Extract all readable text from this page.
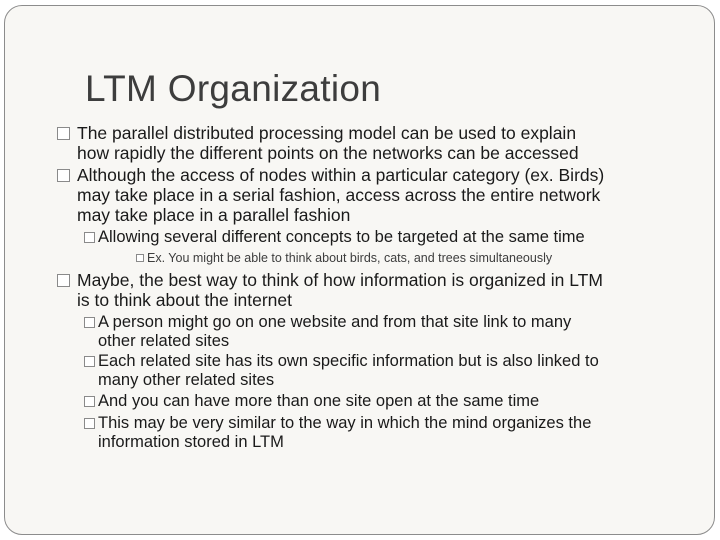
LTM Organization
The parallel distributed processing model can be used to explain
how rapidly the different points on the networks can be accessed
Although the access of nodes within a particular category (ex. Birds)
may take place in a serial fashion, access across the entire network
may take place in a parallel fashion
Allowing several different concepts to be targeted at the same time
Ex. You might be able to think about birds, cats, and trees simultaneously
Maybe, the best way to think of how information is organized in LTM
is to think about the internet
A person might go on one website and from that site link to many
other related sites
Each related site has its own specific information but is also linked to
many other related sites
And you can have more than one site open at the same time
This may be very similar to the way in which the mind organizes the
information stored in LTM
